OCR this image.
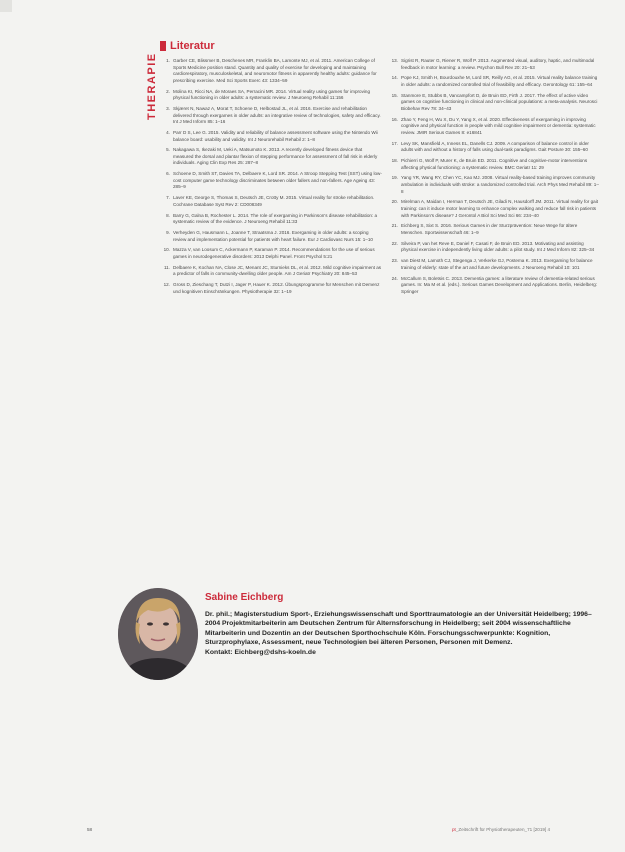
THERAPIE
Literatur
1. Garber CE, Blissmer B, Deschenes MR, Franklin BA, Lamonte MJ, et al. 2011. American College of Sports Medicine position stand. Quantity and quality of exercise for developing and maintaining cardiorespiratory, musculoskeletal, and neuromotor fitness in apparently healthy adults: guidance for prescribing exercise. Med Sci Sports Exerc 43: 1334–59
2. Molina KI, Ricci NA, de Moraes SA, Perracini MR. 2014. Virtual reality using games for improving physical functioning in older adults: a systematic review. J Neuroeng Rehabil 11:156
3. Skjæret N, Nawaz A, Morat T, Schoene D, Helbostad JL, et al. 2016. Exercise and rehabilitation delivered through exergames in older adults: an integrative review of technologies, safety and efficacy. Int J Med Inform 85: 1–16
4. Parr D S, Lee G. 2015. Validity and reliability of balance assessment software using the Nintendo Wii balance board: usability and validity. Int J Neurorehabil Rehabil 2: 1–8
5. Nakagawa S, Ikezaki M, Ueki A, Matsumoto K. 2013. A recently developed fitness device that measured the dorsal and plantar flexion of stepping performance for assessment of fall risk in elderly individuals. Aging Clin Exp Res 25: 287–8
6. Schoene D, Smith ST, Davies TA, Delbaere K, Lord SR. 2014. A Stroop Stepping Test (SST) using low-cost computer game technology discriminates between older fallers and non-fallers. Age Ageing 43: 285–9
7. Laver KE, George S, Thomas S, Deutsch JE, Crotty M. 2015. Virtual reality for stroke rehabilitation. Cochrane Database Syst Rev 2: CD008349
8. Barry G, Galna B, Rochester L. 2014. The role of exergaming in Parkinson's disease rehabilitation: a systematic review of the evidence. J Neuroeng Rehabil 11:33
9. Verheyden G, Hausmann L, Joanne T, Straatsma J. 2016. Exergaming in older adults: a scoping review and implementation potential for patients with heart failure. Eur J Cardiovasc Nurs 15: 1–10
10. Mazza V, van Loosum C, Ackermann P, Karaman P. 2014. Recommendations for the use of serious games in neurodegenerative disorders: 2013 Delphi Panel. Front Psychol 5:21
11. Delbaere K, Kochan NA, Close JC, Menant JC, Sturnieks DL, et al. 2012. Mild cognitive impairment as a predictor of falls in community-dwelling older people. Am J Geriatr Psychiatry 20: 845–53
12. Gross D, Zieschang T, Dutzi I, Jager P, Hauer K. 2012. Übungsprogramme für Menschen mit Demenz und kognitiven Einschränkungen. Physiotherapie 32: 1–19
13. Sigrist R, Rauter G, Riener R, Wolf P. 2013. Augmented visual, auditory, haptic, and multimodal feedback in motor learning: a review. Psychon Bull Rev 20: 21–53
14. Pope KJ, Smith H, Bourdouxhe M, Lord SR, Reilly AG, et al. 2015. Virtual reality balance training in older adults: a randomized controlled trial of feasibility and efficacy. Gerontology 61: 155–64
15. Stanmore E, Stubbs B, Vancampfort D, de Bruin ED, Firth J. 2017. The effect of active video games on cognitive functioning in clinical and non-clinical populations: a meta-analysis. Neurosci Biobehav Rev 78: 34–43
16. Zhao Y, Feng H, Wu X, Du Y, Yang X, et al. 2020. Effectiveness of exergaming in improving cognitive and physical function in people with mild cognitive impairment or dementia: systematic review. JMIR Serious Games 8: e16841
17. Levy SK, Mansfield A, Inness EL, Danells CJ. 2009. A comparison of balance control in older adults with and without a history of falls using dual-task paradigms. Gait Posture 30: 155–60
18. Pichierri G, Wolf P, Murer K, de Bruin ED. 2011. Cognitive and cognitive-motor interventions affecting physical functioning: a systematic review. BMC Geriatr 11: 29
19. Yang YR, Wang RY, Chen YC, Kao MJ. 2008. Virtual reality-based training improves community ambulation in individuals with stroke: a randomized controlled trial. Arch Phys Med Rehabil 89: 1–8
20. Mirelman A, Maidan I, Herman T, Deutsch JE, Giladi N, Hausdorff JM. 2011. Virtual reality for gait training: can it induce motor learning to enhance complex walking and reduce fall risk in patients with Parkinson's disease? J Gerontol A Biol Sci Med Sci 66: 234–40
21. Eichberg S, Sixt S. 2016. Serious Games in der Sturzprävention: Neue Wege für ältere Menschen. Sportwissenschaft 46: 1–9
22. Silveira P, van het Reve E, Daniel F, Casati F, de Bruin ED. 2013. Motivating and assisting physical exercise in independently living older adults: a pilot study. Int J Med Inform 82: 325–34
23. van Diest M, Lamoth CJ, Stegenga J, Verkerke GJ, Postema K. 2013. Exergaming for balance training of elderly: state of the art and future developments. J Neuroeng Rehabil 10: 101
24. McCallum S, Boletsis C. 2013. Dementia games: a literature review of dementia-related serious games. In: Ma M et al. (eds.). Serious Games Development and Applications. Berlin, Heidelberg: Springer
Sabine Eichberg
Dr. phil.; Magisterstudium Sport-, Erziehungswissenschaft und Sporttraumatologie an der Universität Heidelberg; 1996–2004 Projektmitarbeiterin am Deutschen Zentrum für Alternsforschung in Heidelberg; seit 2004 wissenschaftliche Mitarbeiterin und Dozentin an der Deutschen Sporthochschule Köln. Forschungsschwerpunkte: Kognition, Sturzprophylaxe, Assessment, neue Technologien bei älteren Personen, Personen mit Demenz.
Kontakt: Eichberg@dshs-koeln.de
58	pt_Zeitschrift für Physiotherapeuten_71 [2019] 4
